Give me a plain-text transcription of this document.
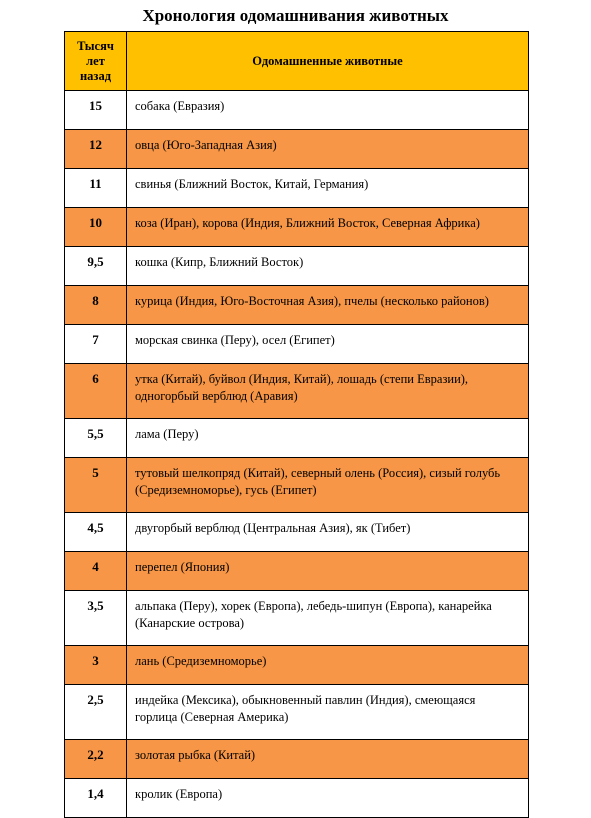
Хронология одомашнивания животных
Тысяч
лет
назад	Одомашненные животные
15	собака (Евразия)
12	овца (Юго-Западная Азия)
11	свинья (Ближний Восток, Китай, Германия)
10	коза (Иран), корова (Индия, Ближний Восток, Северная Африка)
9,5	кошка (Кипр, Ближний Восток)
8	курица (Индия, Юго-Восточная Азия), пчелы (несколько районов)
7	морская свинка (Перу), осел (Египет)
6	утка (Китай), буйвол (Индия, Китай), лошадь (степи Евразии), одногорбый верблюд (Аравия)
5,5	лама (Перу)
5	тутовый шелкопряд (Китай), северный олень (Россия), сизый голубь (Средиземноморье), гусь (Египет)
4,5	двугорбый верблюд (Центральная Азия), як (Тибет)
4	перепел (Япония)
3,5	альпака (Перу), хорек (Европа), лебедь-шипун (Европа), канарейка (Канарские острова)
3	лань (Средиземноморье)
2,5	индейка (Мексика), обыкновенный павлин (Индия), смеющаяся горлица (Северная Америка)
2,2	золотая рыбка (Китай)
1,4	кролик (Европа)
